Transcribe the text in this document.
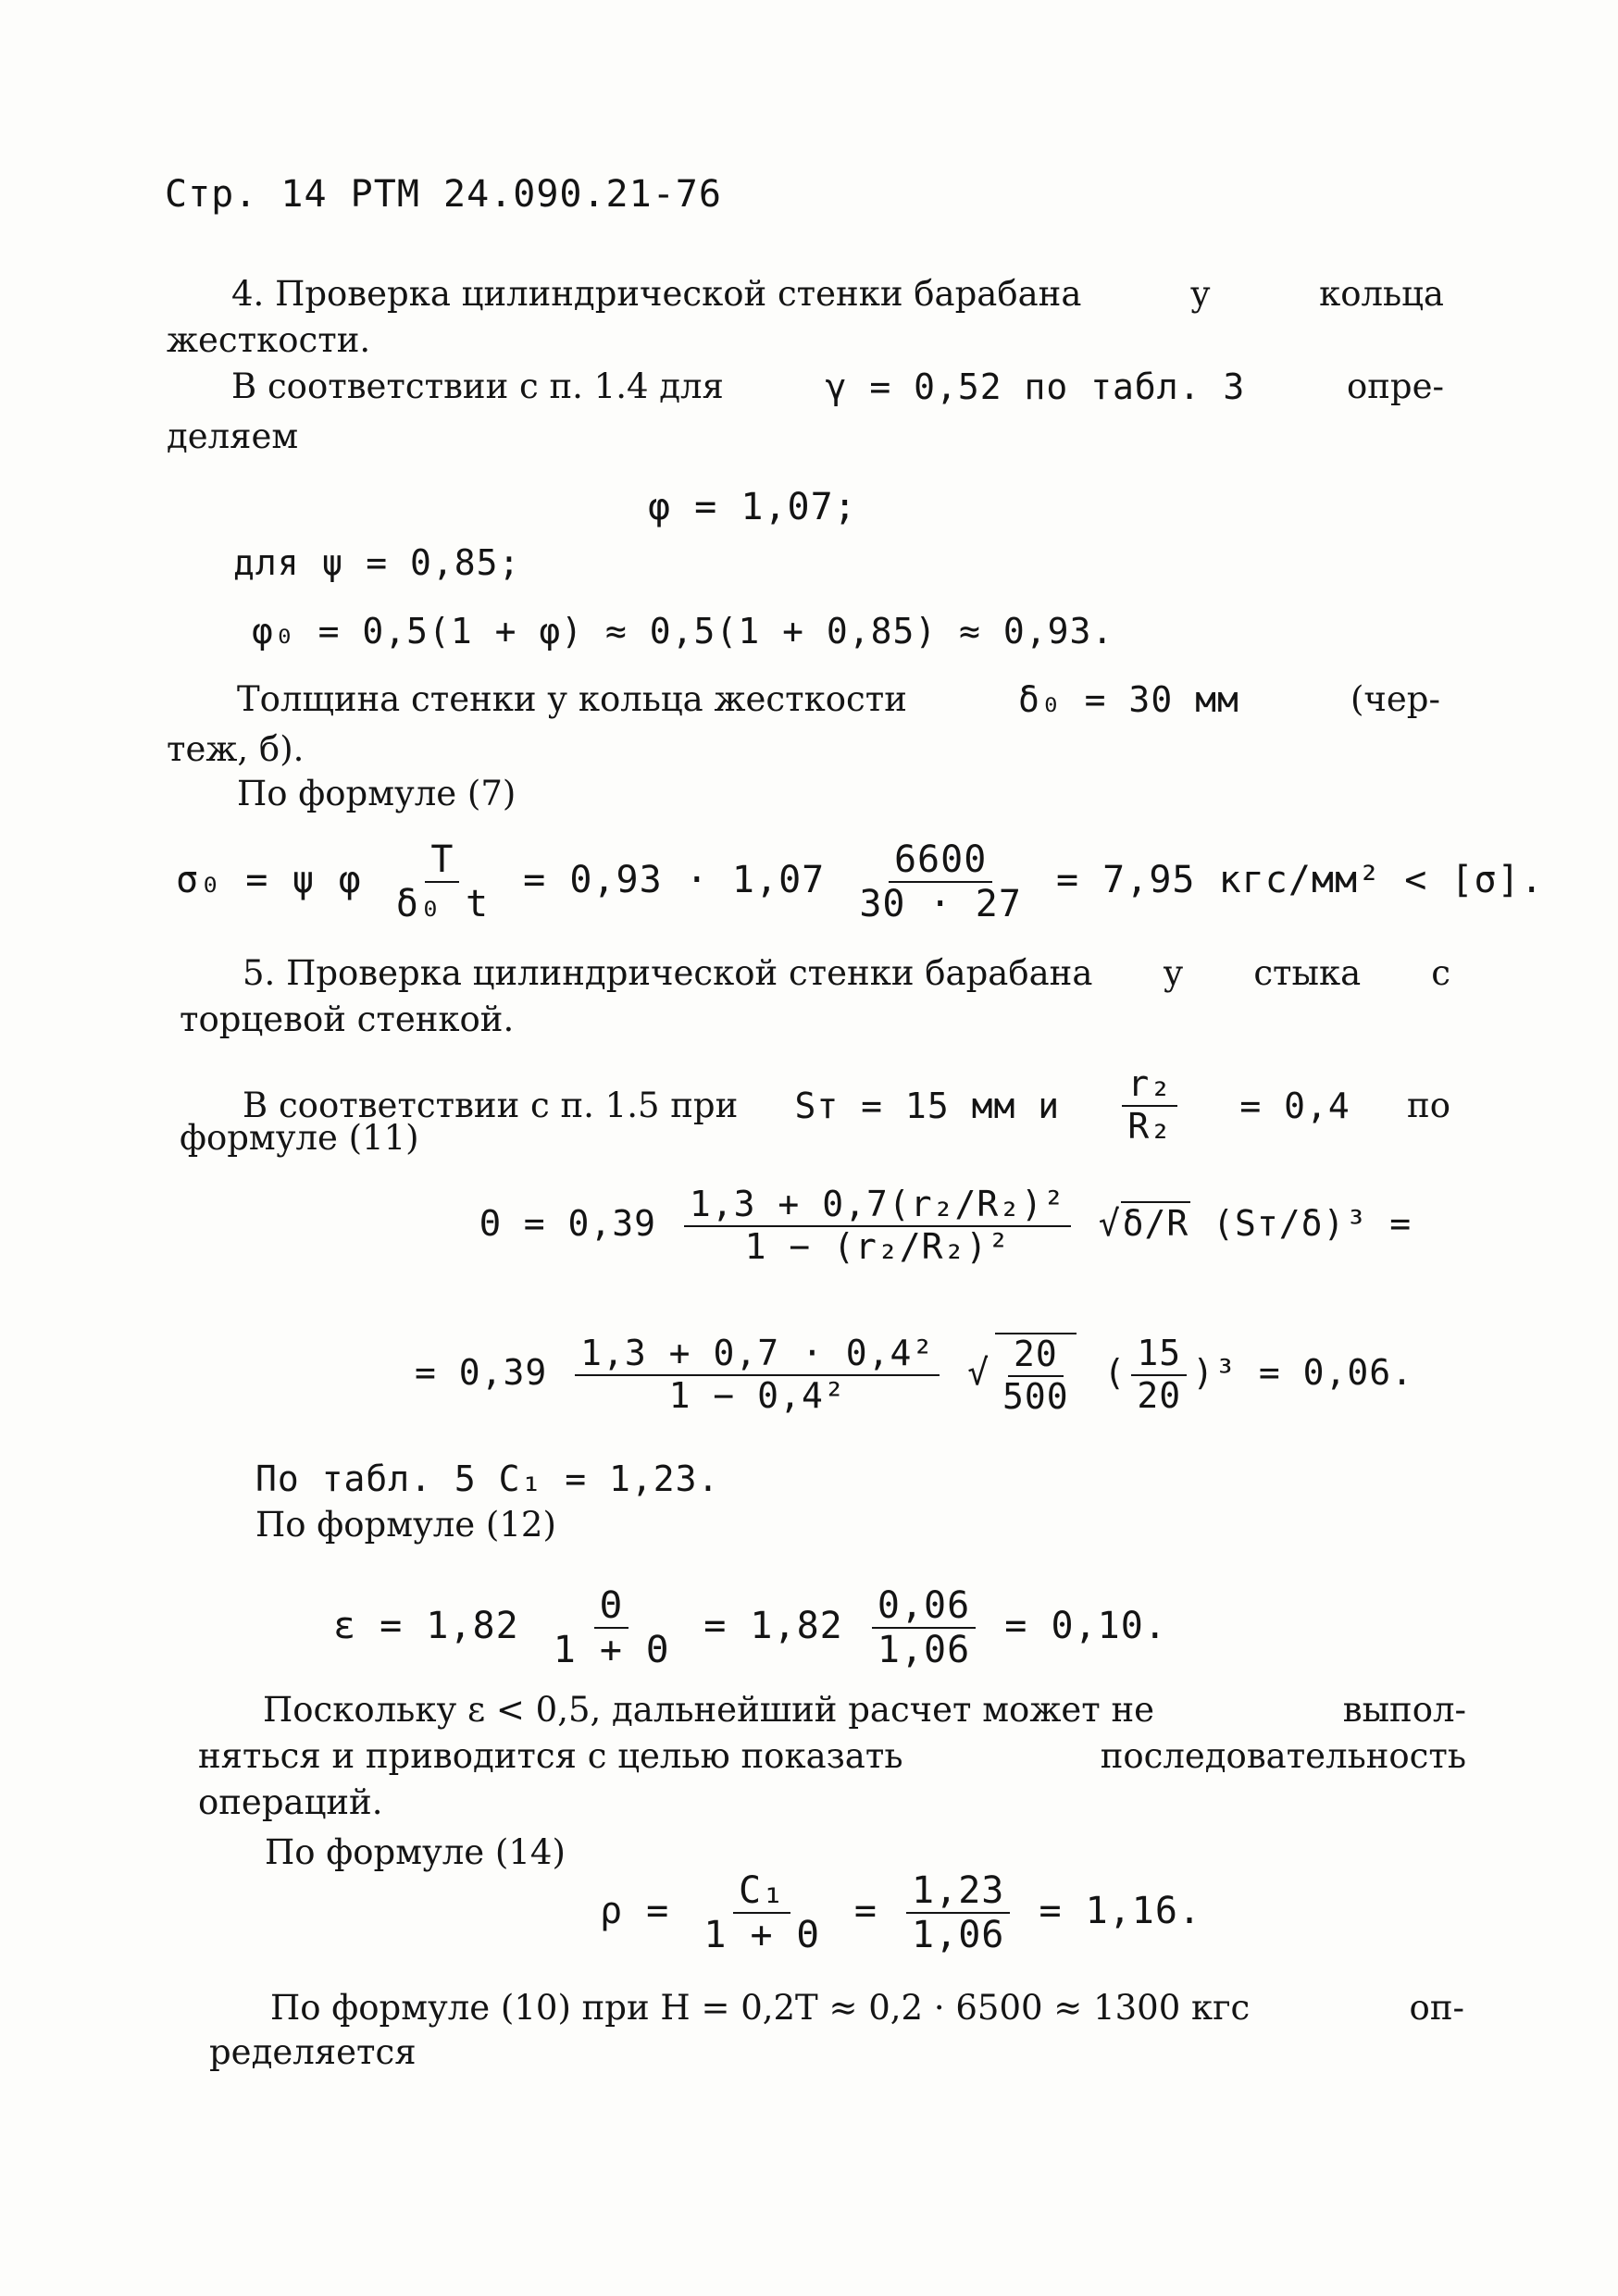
Стр. 14 РТМ 24.090.21-76
4. Проверка цилиндрической стенки барабана	у	кольца
жесткости.
В соответствии с п. 1.4 для	γ = 0,52 по табл. 3	опре-
деляем
φ = 1,07;
для ψ = 0,85;
φ₀ = 0,5(1 + φ) ≈ 0,5(1 + 0,85) ≈ 0,93.
Толщина стенки у кольца жесткости	δ₀ = 30 мм	(чер-
теж, б).
По формуле (7)
σ₀ = ψ φ $\frac{T}{\text{δ₀ t}} = 0,93 \cdot 1,07 \frac{6600}{30 \cdot 27} = 7,95$ кгс/мм² < [σ].
5. Проверка цилиндрической стенки барабана у стыка с
торцевой стенкой.
В соответствии с п. 1.5 при Sт = 15 мм и $\frac{\text{r₂}}{\text{R₂}} = 0,4$ по
формуле (11)
$\Theta = 0,39 \frac{\text{1,3 + 0,7(r₂/R₂)²}}{\text{1 − (r₂/R₂)²}} √\delta/R$ (Sт/δ)³ =
= $0,39 \frac{\text{1,3 + 0,7 · 0,4²}}{\text{1 − 0,4²}}$ √ $\frac{20}{500}$ ( $\frac{15}{20} )^3 = 0,06$.
По табл. 5 C₁ = 1,23.
По формуле (12)
$\varepsilon = 1,82 \frac{\Theta}{1 + \Theta} = 1,82 \frac{0,06}{1,06} = 0,10$.
Поскольку ε < 0,5, дальнейший расчет может не	выпол-
няться и приводится с целью показать	последовательность
операций.
По формуле (14)
$\rho = \frac{\text{C₁}}{1 + \Theta} = \frac{1,23}{1,06} = 1,16$.
По формуле (10) при H = 0,2T ≈ 0,2 · 6500 ≈ 1300 кгс	оп-
ределяется
